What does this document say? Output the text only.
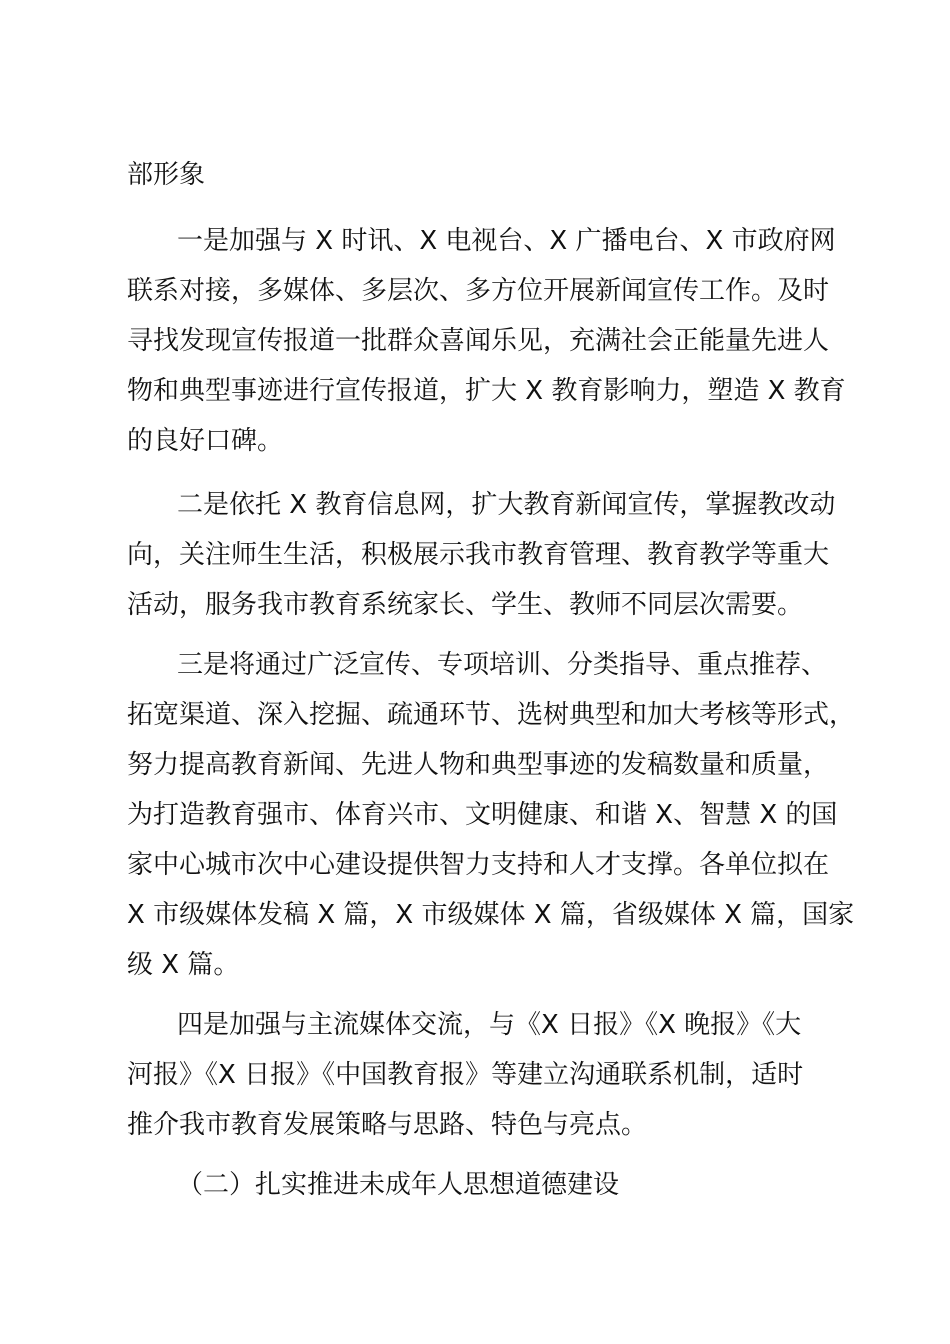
部形象
一是加强与 X 时讯、X 电视台、X 广播电台、X 市政府网
联系对接，多媒体、多层次、多方位开展新闻宣传工作。及时
寻找发现宣传报道一批群众喜闻乐见，充满社会正能量先进人
物和典型事迹进行宣传报道，扩大 X 教育影响力，塑造 X 教育
的良好口碑。
二是依托 X 教育信息网，扩大教育新闻宣传，掌握教改动
向，关注师生生活，积极展示我市教育管理、教育教学等重大
活动，服务我市教育系统家长、学生、教师不同层次需要。
三是将通过广泛宣传、专项培训、分类指导、重点推荐、
拓宽渠道、深入挖掘、疏通环节、选树典型和加大考核等形式，
努力提高教育新闻、先进人物和典型事迹的发稿数量和质量，
为打造教育强市、体育兴市、文明健康、和谐 X、智慧 X 的国
家中心城市次中心建设提供智力支持和人才支撑。各单位拟在
X 市级媒体发稿 X 篇，X 市级媒体 X 篇，省级媒体 X 篇，国家
级 X 篇。
四是加强与主流媒体交流，与《X 日报》《X 晚报》《大
河报》《X 日报》《中国教育报》等建立沟通联系机制，适时
推介我市教育发展策略与思路、特色与亮点。
（二）扎实推进未成年人思想道德建设
